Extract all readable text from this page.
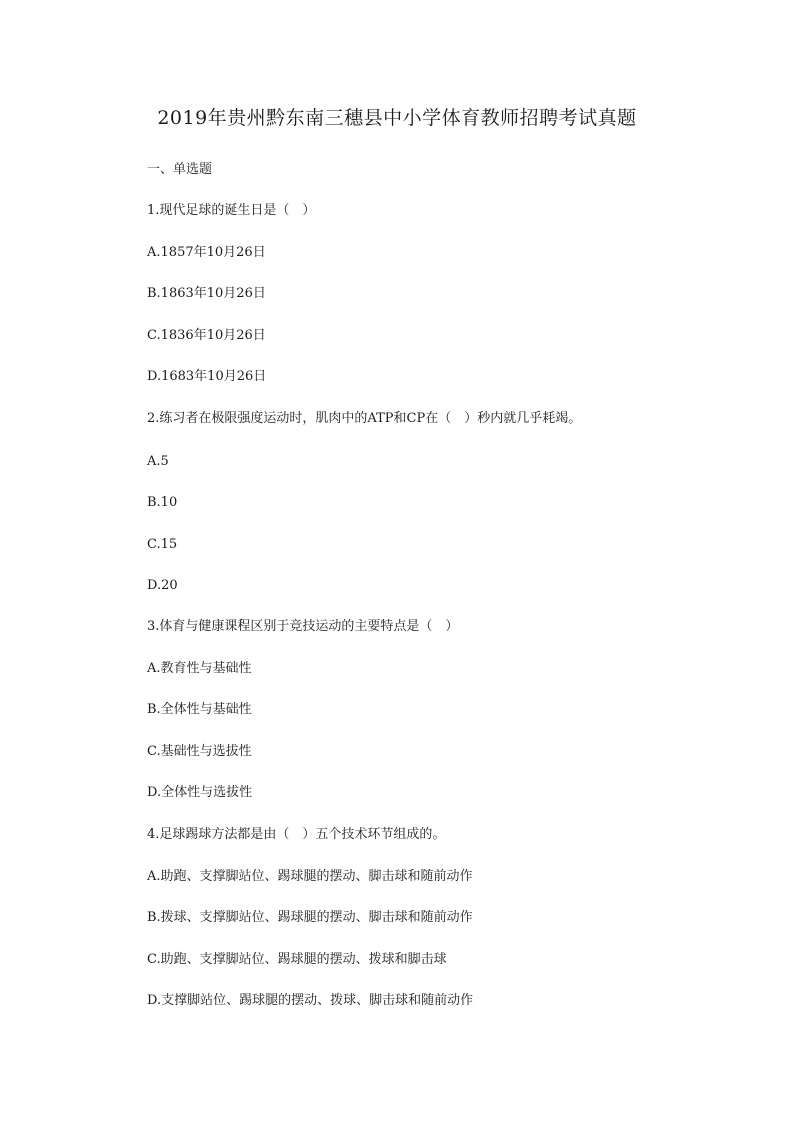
2019年贵州黔东南三穗县中小学体育教师招聘考试真题

一、单选题

1.现代足球的诞生日是（　）

A.1857年10月26日

B.1863年10月26日

C.1836年10月26日

D.1683年10月26日

2.练习者在极限强度运动时，肌肉中的ATP和CP在（　）秒内就几乎耗竭。

A.5

B.10

C.15

D.20

3.体育与健康课程区别于竞技运动的主要特点是（　）

A.教育性与基础性

B.全体性与基础性

C.基础性与选拔性

D.全体性与选拔性

4.足球踢球方法都是由（　）五个技术环节组成的。

A.助跑、支撑脚站位、踢球腿的摆动、脚击球和随前动作

B.拨球、支撑脚站位、踢球腿的摆动、脚击球和随前动作

C.助跑、支撑脚站位、踢球腿的摆动、拨球和脚击球

D.支撑脚站位、踢球腿的摆动、拨球、脚击球和随前动作
